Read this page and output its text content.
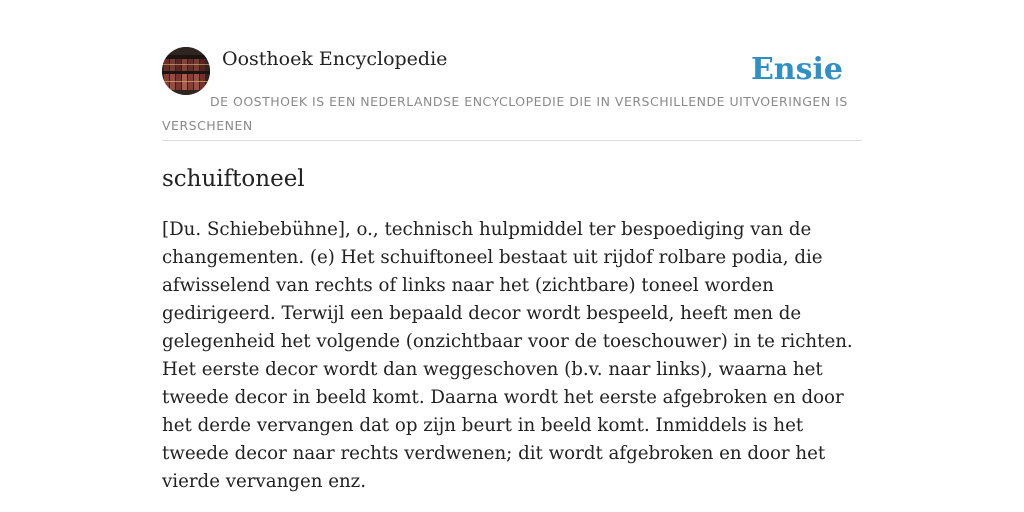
Oosthoek Encyclopedie	Ensie
DE OOSTHOEK IS EEN NEDERLANDSE ENCYCLOPEDIE DIE IN VERSCHILLENDE UITVOERINGEN IS VERSCHENEN
schuiftoneel

[Du. Schiebebühne], o., technisch hulpmiddel ter bespoediging van de changementen. (e) Het schuiftoneel bestaat uit rijdof rolbare podia, die afwisselend van rechts of links naar het (zichtbare) toneel worden gedirigeerd. Terwijl een bepaald decor wordt bespeeld, heeft men de gelegenheid het volgende (onzichtbaar voor de toeschouwer) in te richten. Het eerste decor wordt dan weggeschoven (b.v. naar links), waarna het tweede decor in beeld komt. Daarna wordt het eerste afgebroken en door het derde vervangen dat op zijn beurt in beeld komt. Inmiddels is het tweede decor naar rechts verdwenen; dit wordt afgebroken en door het vierde vervangen enz.
